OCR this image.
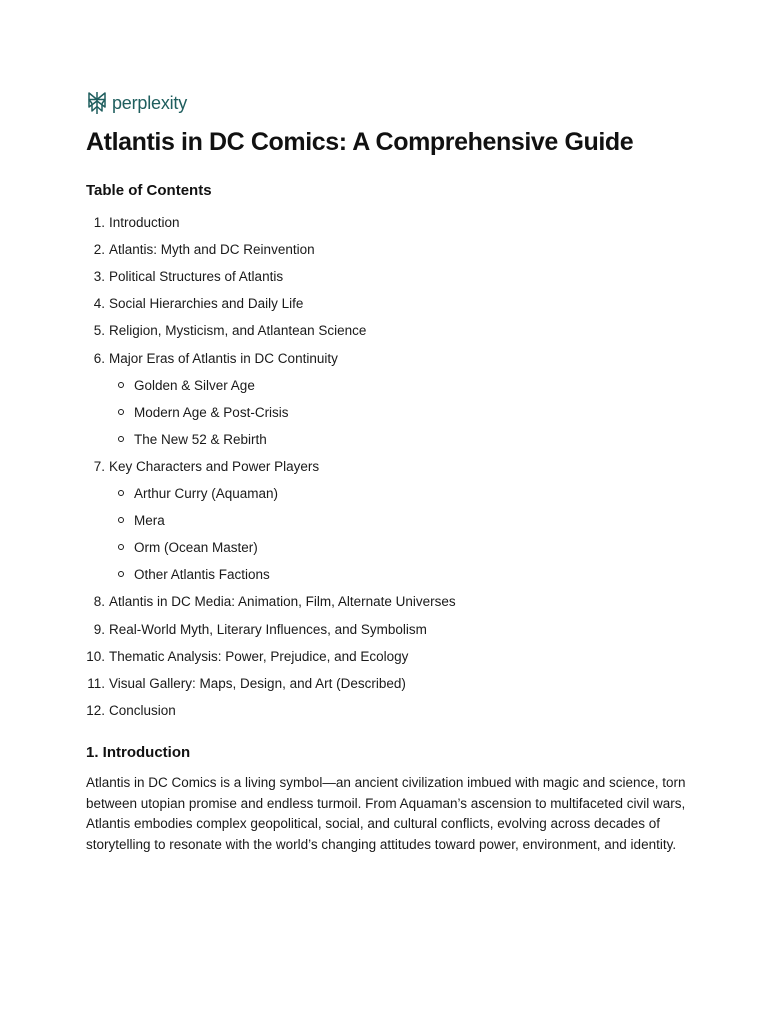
perplexity
Atlantis in DC Comics: A Comprehensive Guide
Table of Contents
1. Introduction
2. Atlantis: Myth and DC Reinvention
3. Political Structures of Atlantis
4. Social Hierarchies and Daily Life
5. Religion, Mysticism, and Atlantean Science
6. Major Eras of Atlantis in DC Continuity
Golden & Silver Age
Modern Age & Post-Crisis
The New 52 & Rebirth
7. Key Characters and Power Players
Arthur Curry (Aquaman)
Mera
Orm (Ocean Master)
Other Atlantis Factions
8. Atlantis in DC Media: Animation, Film, Alternate Universes
9. Real-World Myth, Literary Influences, and Symbolism
10. Thematic Analysis: Power, Prejudice, and Ecology
11. Visual Gallery: Maps, Design, and Art (Described)
12. Conclusion
1. Introduction

Atlantis in DC Comics is a living symbol—an ancient civilization imbued with magic and science, torn between utopian promise and endless turmoil. From Aquaman’s ascension to multifaceted civil wars, Atlantis embodies complex geopolitical, social, and cultural conflicts, evolving across decades of storytelling to resonate with the world’s changing attitudes toward power, environment, and identity.
